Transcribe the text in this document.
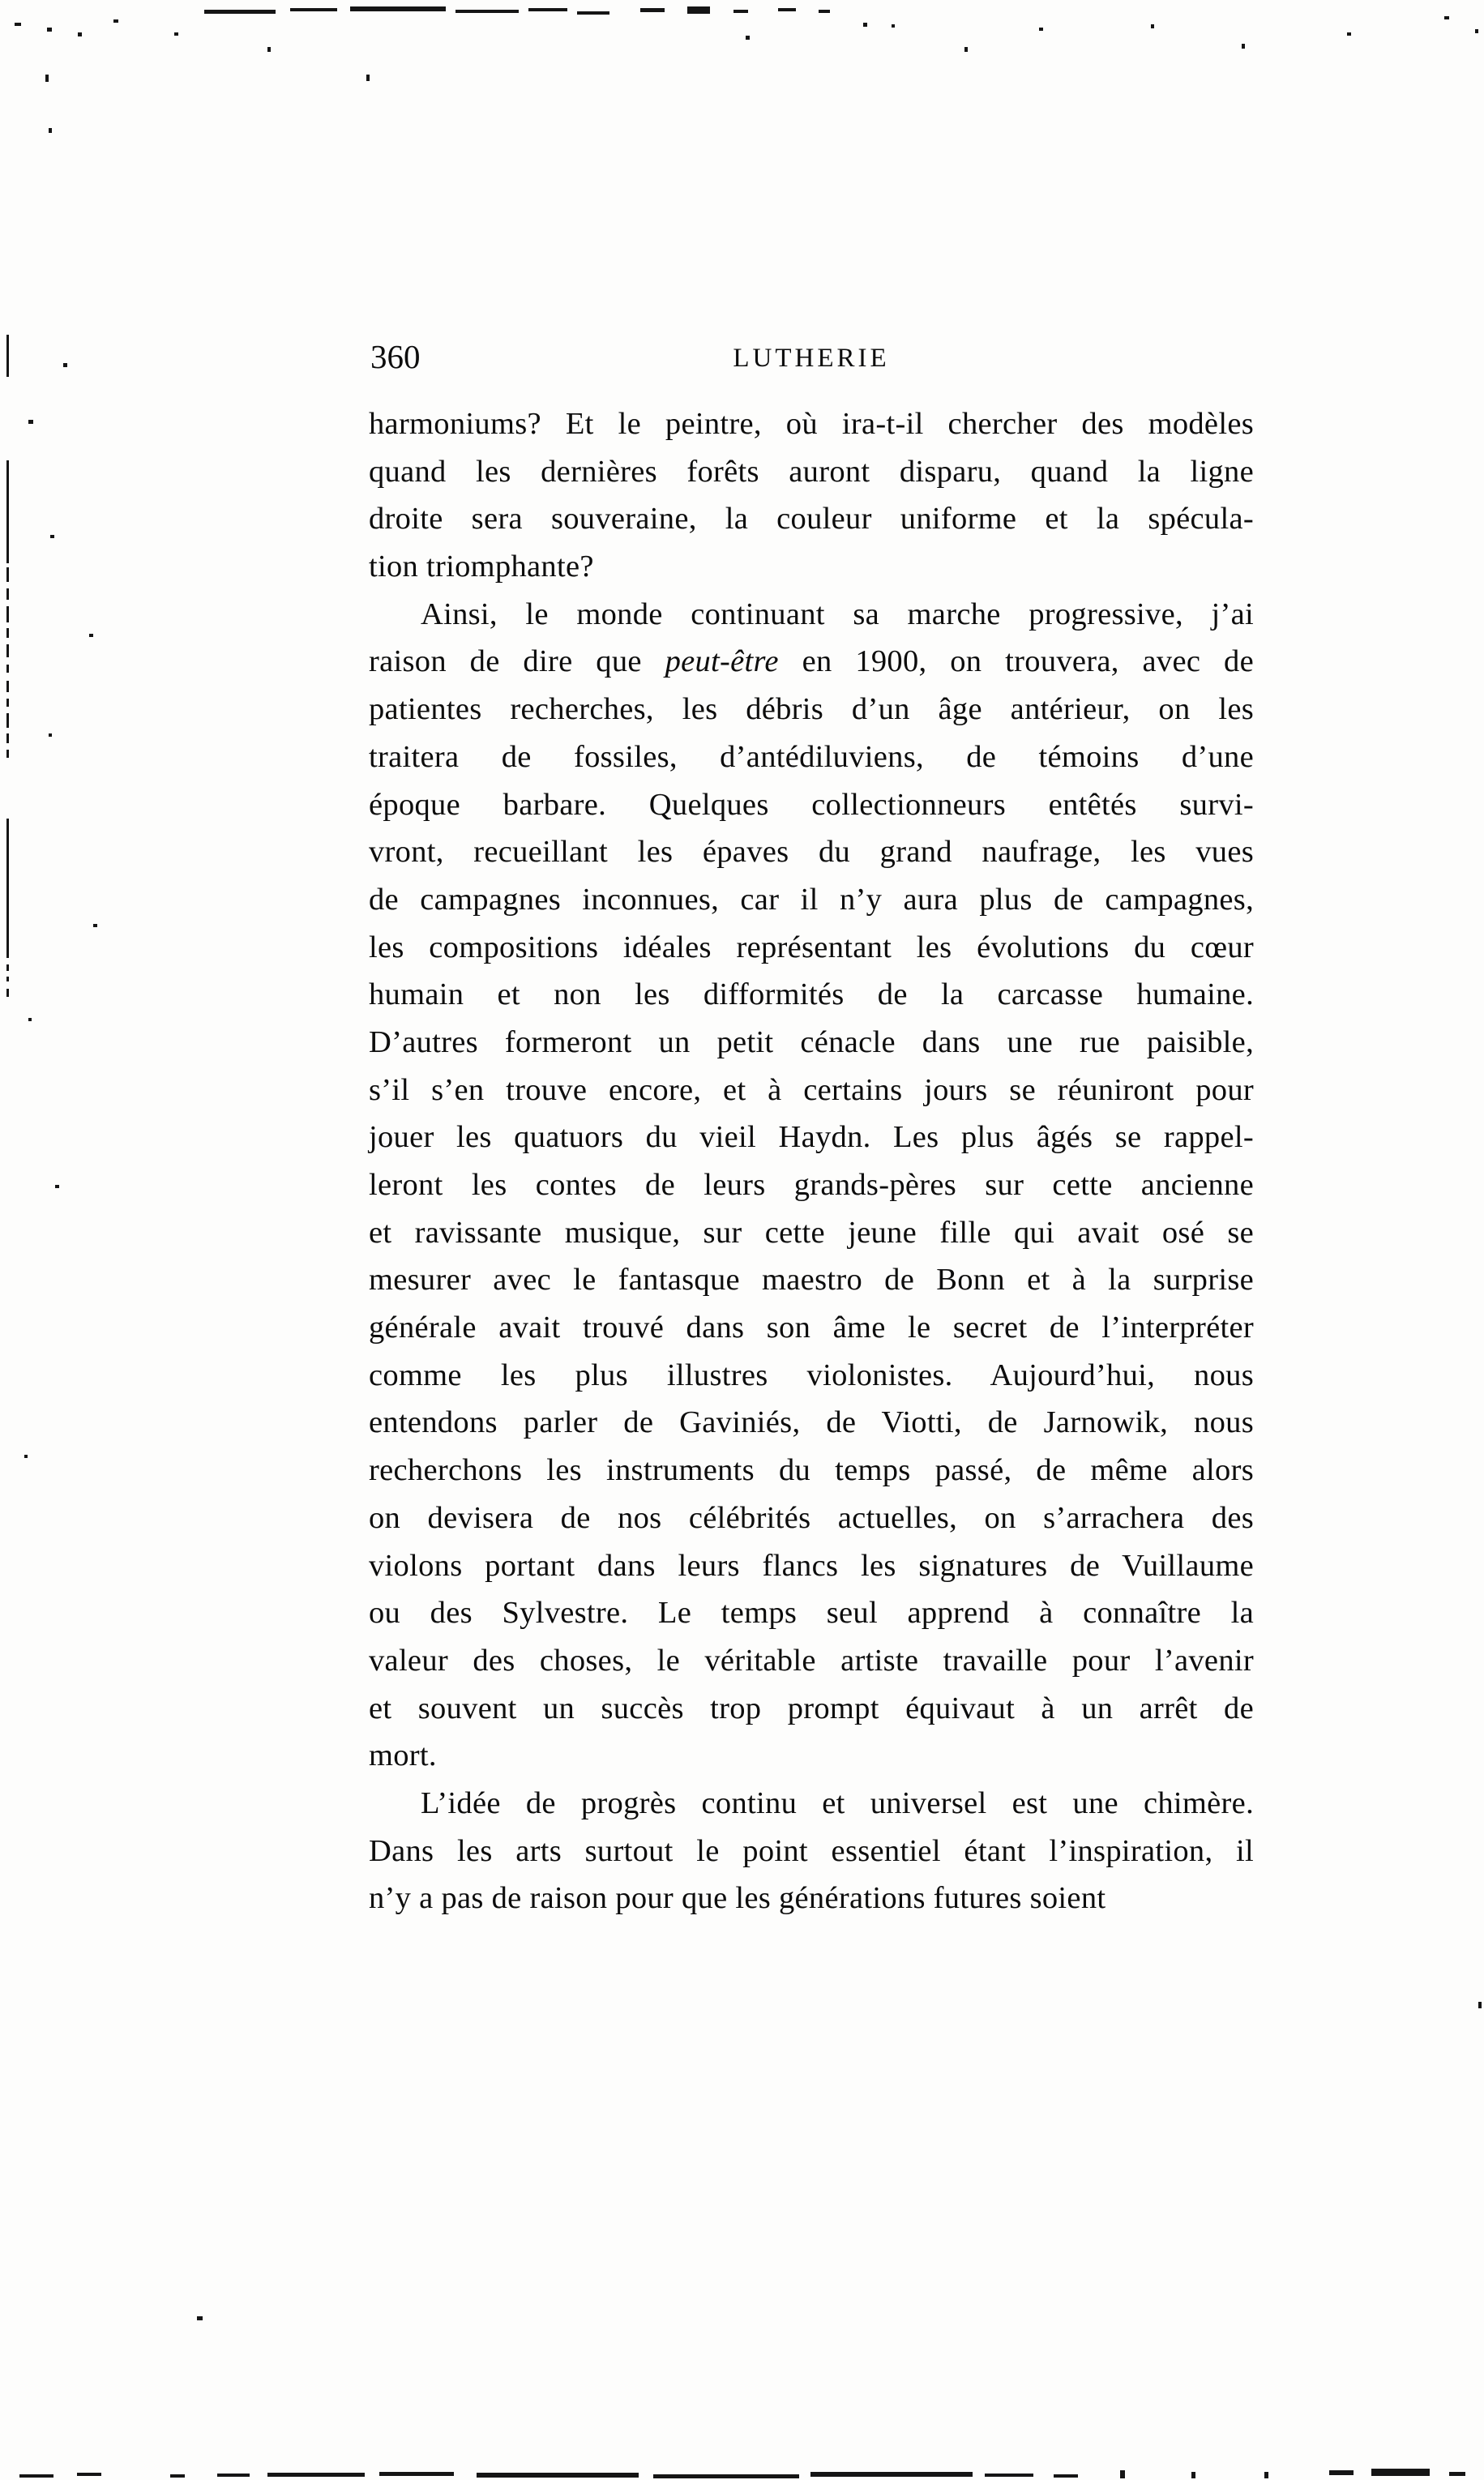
360	LUTHERIE
harmoniums? Et le peintre, où ira-t-il chercher des modèles
quand les dernières forêts auront disparu, quand la ligne
droite sera souveraine, la couleur uniforme et la spécula-
tion triomphante?
Ainsi, le monde continuant sa marche progressive, j’ai
raison de dire que peut-être en 1900, on trouvera, avec de
patientes recherches, les débris d’un âge antérieur, on les
traitera de fossiles, d’antédiluviens, de témoins d’une
époque barbare. Quelques collectionneurs entêtés survi-
vront, recueillant les épaves du grand naufrage, les vues
de campagnes inconnues, car il n’y aura plus de campagnes,
les compositions idéales représentant les évolutions du cœur
humain et non les difformités de la carcasse humaine.
D’autres formeront un petit cénacle dans une rue paisible,
s’il s’en trouve encore, et à certains jours se réuniront pour
jouer les quatuors du vieil Haydn. Les plus âgés se rappel-
leront les contes de leurs grands-pères sur cette ancienne
et ravissante musique, sur cette jeune fille qui avait osé se
mesurer avec le fantasque maestro de Bonn et à la surprise
générale avait trouvé dans son âme le secret de l’interpréter
comme les plus illustres violonistes. Aujourd’hui, nous
entendons parler de Gaviniés, de Viotti, de Jarnowik, nous
recherchons les instruments du temps passé, de même alors
on devisera de nos célébrités actuelles, on s’arrachera des
violons portant dans leurs flancs les signatures de Vuillaume
ou des Sylvestre. Le temps seul apprend à connaître la
valeur des choses, le véritable artiste travaille pour l’avenir
et souvent un succès trop prompt équivaut à un arrêt de
mort.
L’idée de progrès continu et universel est une chimère.
Dans les arts surtout le point essentiel étant l’inspiration, il
n’y a pas de raison pour que les générations futures soient
